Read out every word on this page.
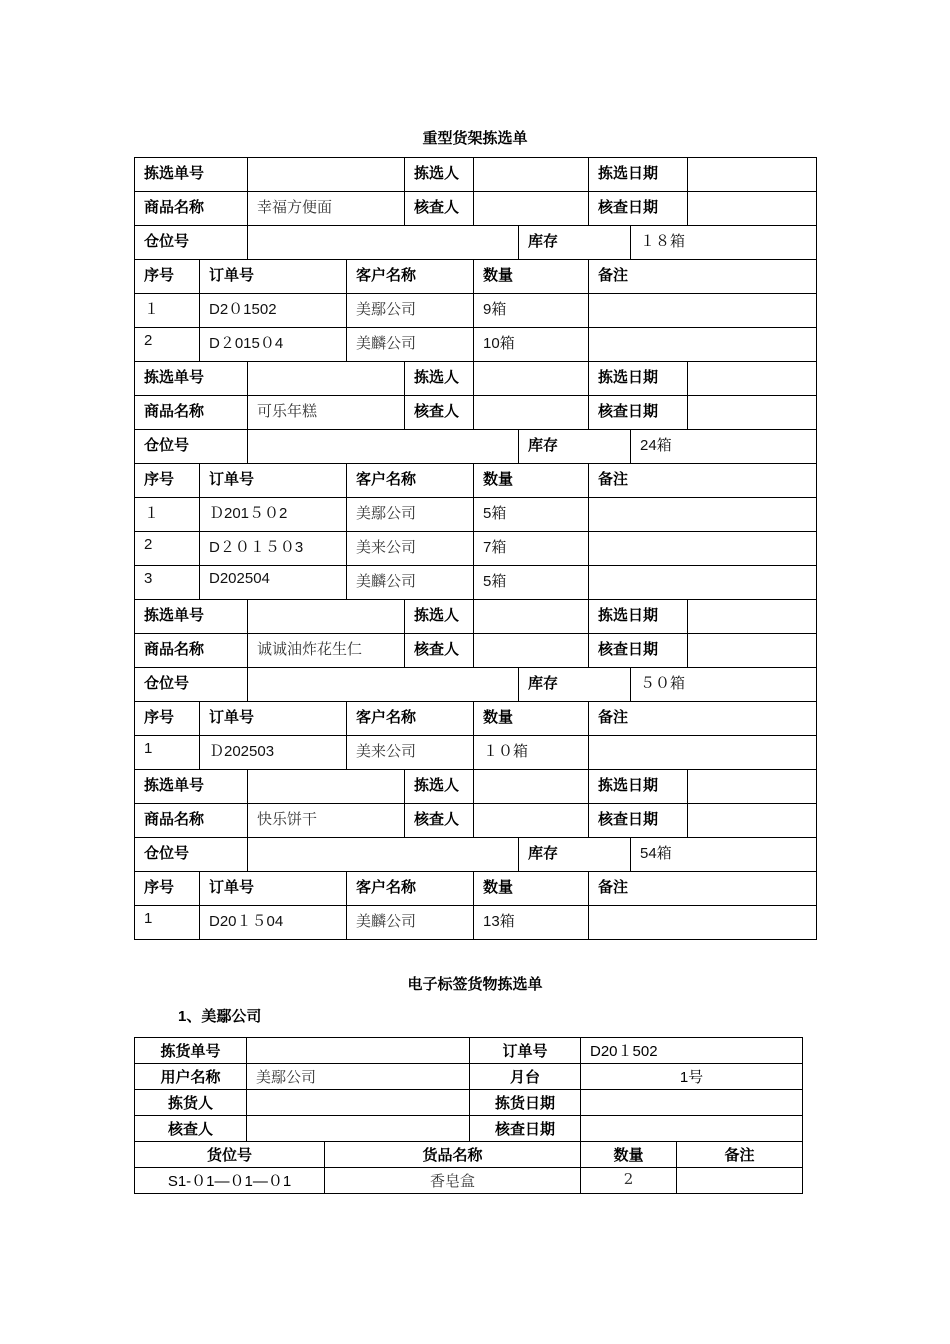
重型货架拣选单
拣选单号				拣选人			拣选日期		
商品名称		幸福方便面		核查人			核查日期		
仓位号						库存		１８箱	
序号	订单号		客户名称		数量		备注		
１	D2０1502		美鄢公司		9箱				
2	D２015０4		美麟公司		10箱				
拣选单号				拣选人			拣选日期		
商品名称		可乐年糕		核查人			核查日期		
仓位号						库存		24箱	
序号	订单号		客户名称		数量		备注		
１	Ｄ201５０2		美鄢公司		5箱				
2	D２０１５０3		美来公司		7箱				
3	D202504		美麟公司		5箱				
拣选单号				拣选人			拣选日期		
商品名称		诚诚油炸花生仁		核查人			核查日期		
仓位号						库存		５０箱	
序号	订单号		客户名称		数量		备注		
1	Ｄ202503		美来公司		１０箱				
拣选单号				拣选人			拣选日期		
商品名称		快乐饼干		核查人			核查日期		
仓位号						库存		54箱	
序号	订单号		客户名称		数量		备注		
1	D20１５04		美麟公司		13箱				
电子标签货物拣选单
1、美鄢公司
拣货单号			订单号	D20１502	
用户名称	美鄢公司		月台	1号	
拣货人			拣货日期		
核查人			核查日期		
货位号		货品名称		数量	备注
S1-０1—０1—０1		香皂盒		2	
